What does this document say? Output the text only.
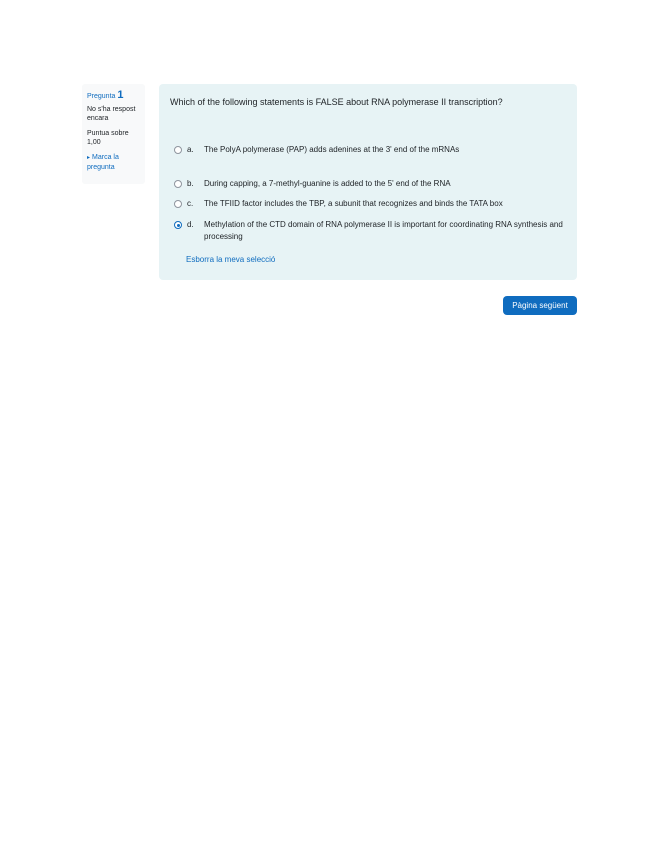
Pregunta 1
No s'ha respost encara
Puntua sobre 1,00
▸ Marca la pregunta
Which of the following statements is FALSE about RNA polymerase II transcription?
a.	The PolyA polymerase (PAP) adds adenines at the 3' end of the mRNAs
b.	During capping, a 7-methyl-guanine is added to the 5' end of the RNA
c.	The TFIID factor includes the TBP, a subunit that recognizes and binds the TATA box
d.	Methylation of the CTD domain of RNA polymerase II is important for coordinating RNA synthesis and processing
Esborra la meva selecció
Pàgina següent
